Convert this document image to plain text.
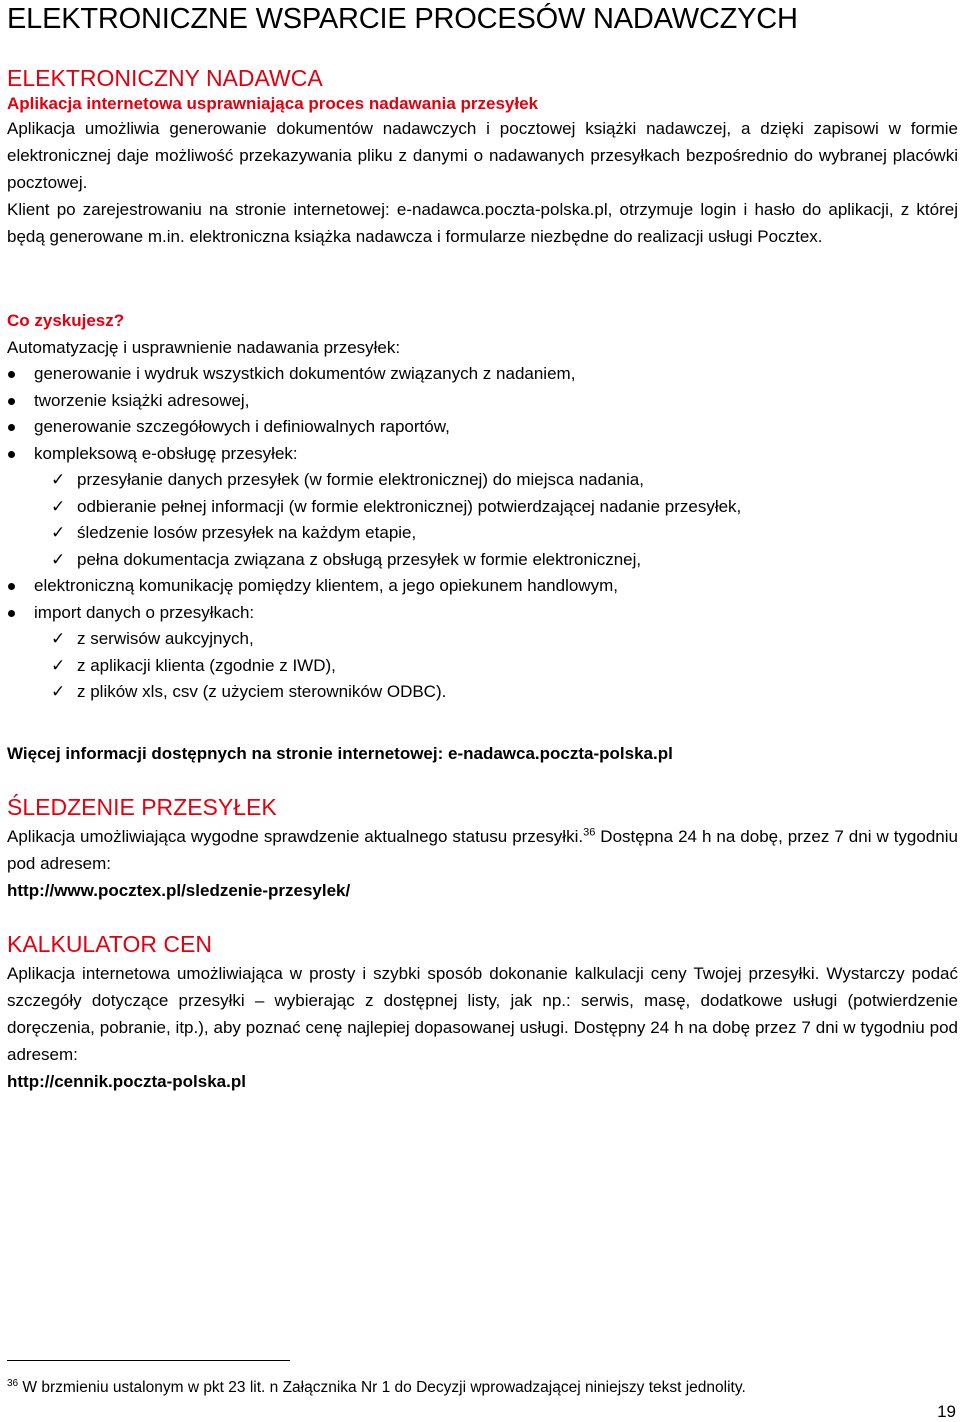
ELEKTRONICZNE WSPARCIE PROCESÓW NADAWCZYCH
ELEKTRONICZNY NADAWCA
Aplikacja internetowa usprawniająca proces nadawania przesyłek
Aplikacja umożliwia generowanie dokumentów nadawczych i pocztowej książki nadawczej, a dzięki zapisowi w formie elektronicznej daje możliwość przekazywania pliku z danymi o nadawanych przesyłkach bezpośrednio do wybranej placówki pocztowej.
Klient po zarejestrowaniu na stronie internetowej: e-nadawca.poczta-polska.pl, otrzymuje login i hasło do aplikacji, z której będą generowane m.in. elektroniczna książka nadawcza i formularze niezbędne do realizacji usługi Pocztex.
Co zyskujesz?
Automatyzację i usprawnienie nadawania przesyłek:
generowanie i wydruk wszystkich dokumentów związanych z nadaniem,
tworzenie książki adresowej,
generowanie szczegółowych i definiowalnych raportów,
kompleksową e-obsługę przesyłek:
✓ przesyłanie danych przesyłek (w formie elektronicznej) do miejsca nadania,
✓ odbieranie pełnej informacji (w formie elektronicznej) potwierdzającej nadanie przesyłek,
✓ śledzenie losów przesyłek na każdym etapie,
✓ pełna dokumentacja związana z obsługą przesyłek w formie elektronicznej,
elektroniczną komunikację pomiędzy klientem, a jego opiekunem handlowym,
import danych o przesyłkach:
✓ z serwisów aukcyjnych,
✓ z aplikacji klienta (zgodnie z IWD),
✓ z plików xls, csv (z użyciem sterowników ODBC).
Więcej informacji dostępnych na stronie internetowej: e-nadawca.poczta-polska.pl
ŚLEDZENIE PRZESYŁEK
Aplikacja umożliwiająca wygodne sprawdzenie aktualnego statusu przesyłki.$^{36}$ Dostępna 24 h na dobę, przez 7 dni w tygodniu pod adresem:
http://www.pocztex.pl/sledzenie-przesylek/
KALKULATOR CEN
Aplikacja internetowa umożliwiająca w prosty i szybki sposób dokonanie kalkulacji ceny Twojej przesyłki. Wystarczy podać szczegóły dotyczące przesyłki – wybierając z dostępnej listy, jak np.: serwis, masę, dodatkowe usługi (potwierdzenie doręczenia, pobranie, itp.), aby poznać cenę najlepiej dopasowanej usługi. Dostępny 24 h na dobę przez 7 dni w tygodniu pod adresem:
http://cennik.poczta-polska.pl
$^{36}$ W brzmieniu ustalonym w pkt 23 lit. n Załącznika Nr 1 do Decyzji wprowadzającej niniejszy tekst jednolity.
19
